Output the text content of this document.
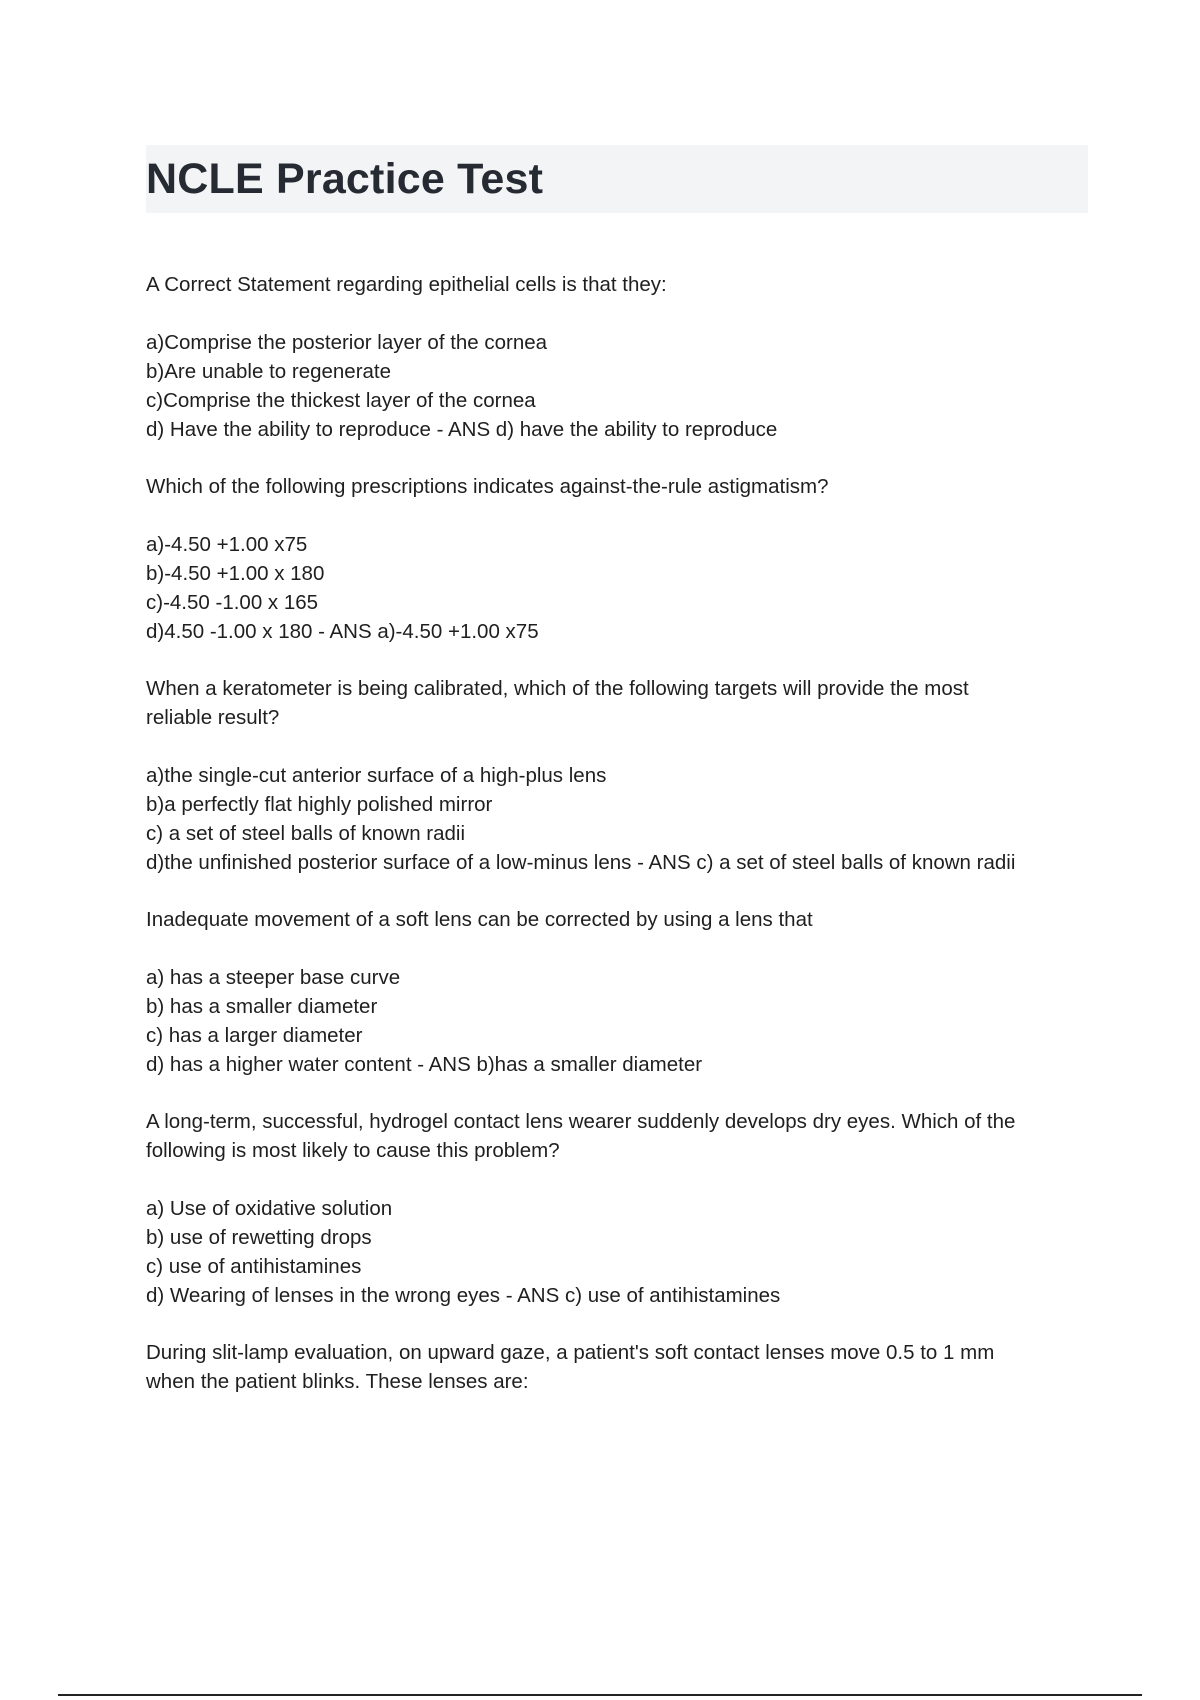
NCLE Practice Test
A Correct Statement regarding epithelial cells is that they:
a)Comprise the posterior layer of the cornea
b)Are unable to regenerate
c)Comprise the thickest layer of the cornea
d) Have the ability to reproduce - ANS d) have the ability to reproduce
Which of the following prescriptions indicates against-the-rule astigmatism?
a)-4.50 +1.00 x75
b)-4.50 +1.00 x 180
c)-4.50 -1.00 x 165
d)4.50 -1.00 x 180 - ANS a)-4.50 +1.00 x75
When a keratometer is being calibrated, which of the following targets will provide the most
reliable result?
a)the single-cut anterior surface of a high-plus lens
b)a perfectly flat highly polished mirror
c) a set of steel balls of known radii
d)the unfinished posterior surface of a low-minus lens - ANS c) a set of steel balls of known radii
Inadequate movement of a soft lens can be corrected by using a lens that
a) has a steeper base curve
b) has a smaller diameter
c) has a larger diameter
d) has a higher water content - ANS b)has a smaller diameter
A long-term, successful, hydrogel contact lens wearer suddenly develops dry eyes. Which of the
following is most likely to cause this problem?
a) Use of oxidative solution
b) use of rewetting drops
c) use of antihistamines
d) Wearing of lenses in the wrong eyes - ANS c) use of antihistamines
During slit-lamp evaluation, on upward gaze, a patient's soft contact lenses move 0.5 to 1 mm
when the patient blinks. These lenses are:
